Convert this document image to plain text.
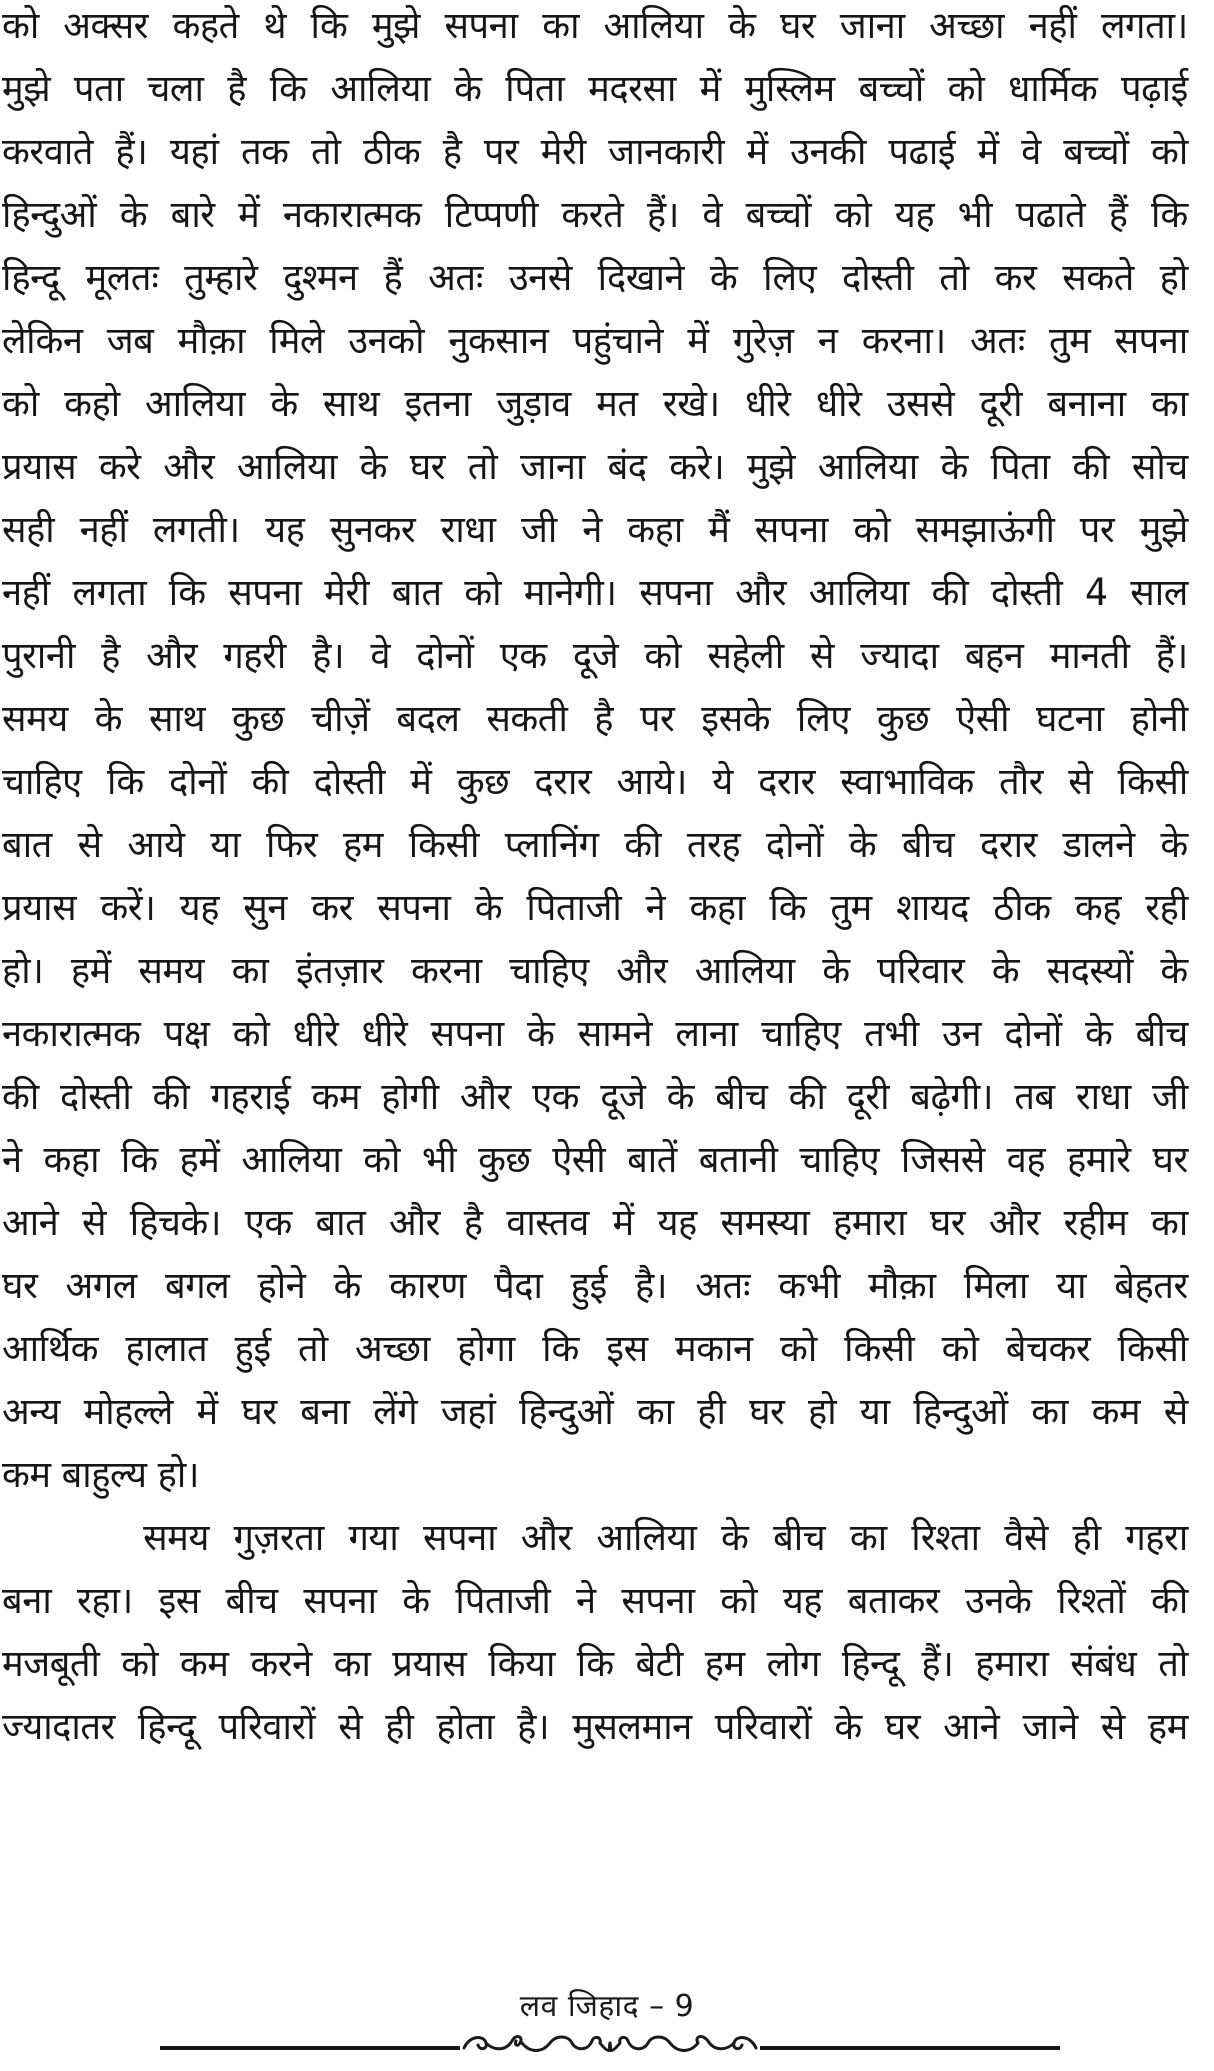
को अक्सर कहते थे कि मुझे सपना का आलिया के घर जाना अच्छा नहीं लगता।
मुझे पता चला है कि आलिया के पिता मदरसा में मुस्लिम बच्चों को धार्मिक पढ़ाई
करवाते हैं। यहां तक तो ठीक है पर मेरी जानकारी में उनकी पढाई में वे बच्चों को
हिन्दुओं के बारे में नकारात्मक टिप्पणी करते हैं। वे बच्चों को यह भी पढाते हैं कि
हिन्दू मूलतः तुम्हारे दुश्मन हैं अतः उनसे दिखाने के लिए दोस्ती तो कर सकते हो
लेकिन जब मौक़ा मिले उनको नुकसान पहुंचाने में गुरेज़ न करना। अतः तुम सपना
को कहो आलिया के साथ इतना जुड़ाव मत रखे। धीरे धीरे उससे दूरी बनाना का
प्रयास करे और आलिया के घर तो जाना बंद करे। मुझे आलिया के पिता की सोच
सही नहीं लगती। यह सुनकर राधा जी ने कहा मैं सपना को समझाऊंगी पर मुझे
नहीं लगता कि सपना मेरी बात को मानेगी। सपना और आलिया की दोस्ती 4 साल
पुरानी है और गहरी है। वे दोनों एक दूजे को सहेली से ज्यादा बहन मानती हैं।
समय के साथ कुछ चीज़ें बदल सकती है पर इसके लिए कुछ ऐसी घटना होनी
चाहिए कि दोनों की दोस्ती में कुछ दरार आये। ये दरार स्वाभाविक तौर से किसी
बात से आये या फिर हम किसी प्लानिंग की तरह दोनों के बीच दरार डालने के
प्रयास करें। यह सुन कर सपना के पिताजी ने कहा कि तुम शायद ठीक कह रही
हो। हमें समय का इंतज़ार करना चाहिए और आलिया के परिवार के सदस्यों के
नकारात्मक पक्ष को धीरे धीरे सपना के सामने लाना चाहिए तभी उन दोनों के बीच
की दोस्ती की गहराई कम होगी और एक दूजे के बीच की दूरी बढ़ेगी। तब राधा जी
ने कहा कि हमें आलिया को भी कुछ ऐसी बातें बतानी चाहिए जिससे वह हमारे घर
आने से हिचके। एक बात और है वास्तव में यह समस्या हमारा घर और रहीम का
घर अगल बगल होने के कारण पैदा हुई है। अतः कभी मौक़ा मिला या बेहतर
आर्थिक हालात हुई तो अच्छा होगा कि इस मकान को किसी को बेचकर किसी
अन्य मोहल्ले में घर बना लेंगे जहां हिन्दुओं का ही घर हो या हिन्दुओं का कम से
कम बाहुल्य हो।
समय गुज़रता गया सपना और आलिया के बीच का रिश्ता वैसे ही गहरा
बना रहा। इस बीच सपना के पिताजी ने सपना को यह बताकर उनके रिश्तों की
मजबूती को कम करने का प्रयास किया कि बेटी हम लोग हिन्दू हैं। हमारा संबंध तो
ज्यादातर हिन्दू परिवारों से ही होता है। मुसलमान परिवारों के घर आने जाने से हम
लव जिहाद – 9
